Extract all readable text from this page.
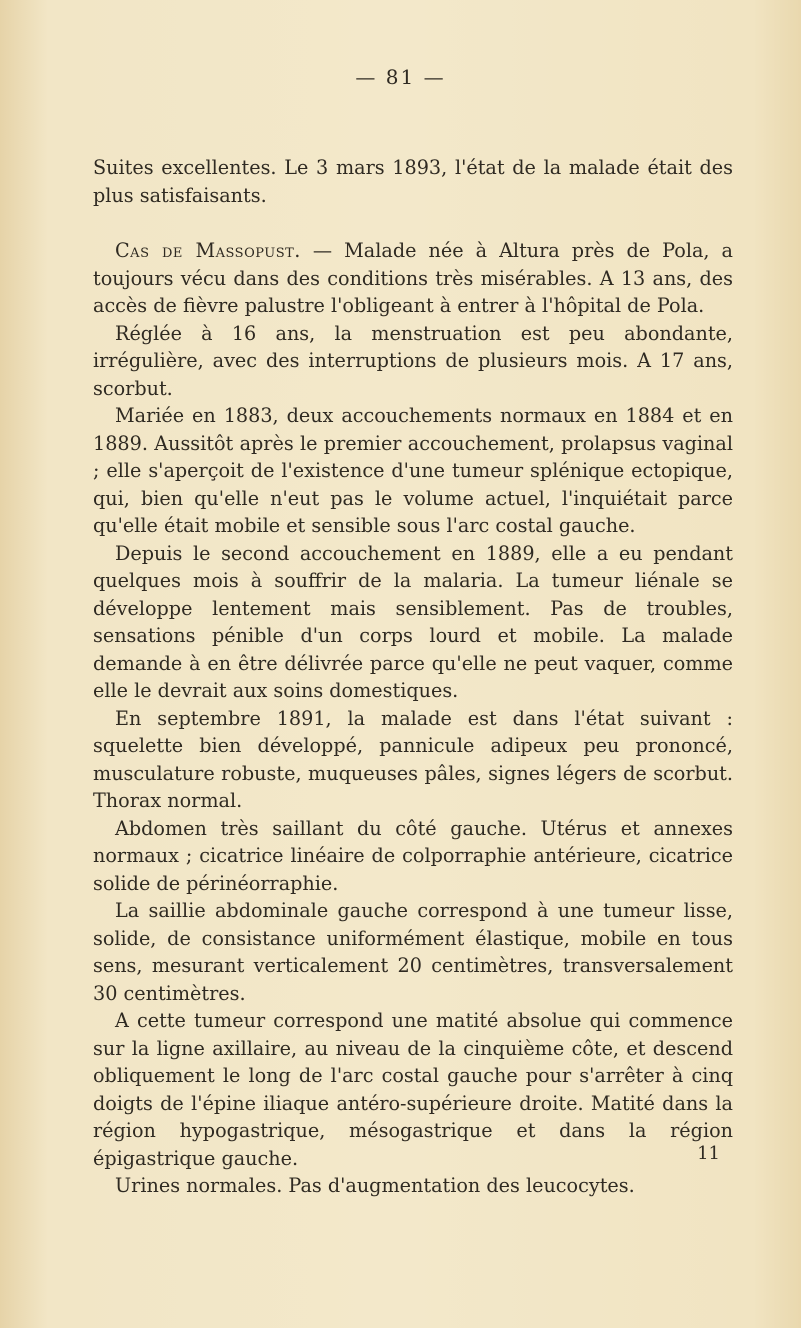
— 81 —

Suites excellentes. Le 3 mars 1893, l'état de la malade était des plus satisfaisants.

Cas de Massopust. — Malade née à Altura près de Pola, a toujours vécu dans des conditions très misérables. A 13 ans, des accès de fièvre palustre l'obligeant à entrer à l'hôpital de Pola.

Réglée à 16 ans, la menstruation est peu abondante, irrégulière, avec des interruptions de plusieurs mois. A 17 ans, scorbut.

Mariée en 1883, deux accouchements normaux en 1884 et en 1889. Aussitôt après le premier accouchement, prolapsus vaginal ; elle s'aperçoit de l'existence d'une tumeur splénique ectopique, qui, bien qu'elle n'eut pas le volume actuel, l'inquiétait parce qu'elle était mobile et sensible sous l'arc costal gauche.

Depuis le second accouchement en 1889, elle a eu pendant quelques mois à souffrir de la malaria. La tumeur liénale se développe lentement mais sensiblement. Pas de troubles, sensations pénible d'un corps lourd et mobile. La malade demande à en être délivrée parce qu'elle ne peut vaquer, comme elle le devrait aux soins domestiques.

En septembre 1891, la malade est dans l'état suivant : squelette bien développé, pannicule adipeux peu prononcé, musculature robuste, muqueuses pâles, signes légers de scorbut. Thorax normal.

Abdomen très saillant du côté gauche. Utérus et annexes normaux ; cicatrice linéaire de colporraphie antérieure, cicatrice solide de périnéorraphie.

La saillie abdominale gauche correspond à une tumeur lisse, solide, de consistance uniformément élastique, mobile en tous sens, mesurant verticalement 20 centimètres, transversalement 30 centimètres.

A cette tumeur correspond une matité absolue qui commence sur la ligne axillaire, au niveau de la cinquième côte, et descend obliquement le long de l'arc costal gauche pour s'arrêter à cinq doigts de l'épine iliaque antéro-supérieure droite. Matité dans la région hypogastrique, mésogastrique et dans la région épigastrique gauche.

Urines normales. Pas d'augmentation des leucocytes.

11
